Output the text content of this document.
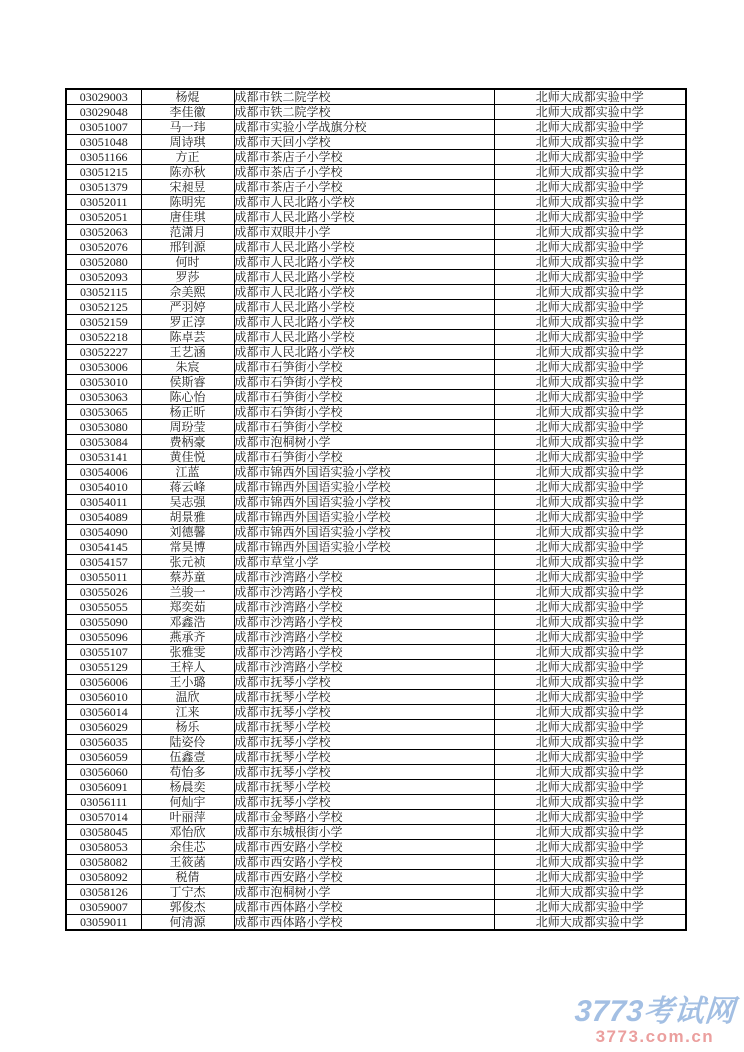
03029003	杨焜	成都市铁二院学校	北师大成都实验中学
03029048	李佳徽	成都市铁二院学校	北师大成都实验中学
03051007	马一玮	成都市实验小学战旗分校	北师大成都实验中学
03051048	周诗琪	成都市天回小学校	北师大成都实验中学
03051166	方正	成都市茶店子小学校	北师大成都实验中学
03051215	陈亦秋	成都市茶店子小学校	北师大成都实验中学
03051379	宋昶昱	成都市茶店子小学校	北师大成都实验中学
03052011	陈明宪	成都市人民北路小学校	北师大成都实验中学
03052051	唐佳琪	成都市人民北路小学校	北师大成都实验中学
03052063	范潇月	成都市双眼井小学	北师大成都实验中学
03052076	邢钊源	成都市人民北路小学校	北师大成都实验中学
03052080	何时	成都市人民北路小学校	北师大成都实验中学
03052093	罗莎	成都市人民北路小学校	北师大成都实验中学
03052115	佘美熙	成都市人民北路小学校	北师大成都实验中学
03052125	严羽婷	成都市人民北路小学校	北师大成都实验中学
03052159	罗正淳	成都市人民北路小学校	北师大成都实验中学
03052218	陈卓芸	成都市人民北路小学校	北师大成都实验中学
03052227	王艺涵	成都市人民北路小学校	北师大成都实验中学
03053006	朱宸	成都市石笋街小学校	北师大成都实验中学
03053010	侯斯睿	成都市石笋街小学校	北师大成都实验中学
03053063	陈心怡	成都市石笋街小学校	北师大成都实验中学
03053065	杨正昕	成都市石笋街小学校	北师大成都实验中学
03053080	周玢莹	成都市石笋街小学校	北师大成都实验中学
03053084	费柄豪	成都市泡桐树小学	北师大成都实验中学
03053141	黄佳悦	成都市石笋街小学校	北师大成都实验中学
03054006	江蓝	成都市锦西外国语实验小学校	北师大成都实验中学
03054010	蒋云峰	成都市锦西外国语实验小学校	北师大成都实验中学
03054011	吴志强	成都市锦西外国语实验小学校	北师大成都实验中学
03054089	胡景雅	成都市锦西外国语实验小学校	北师大成都实验中学
03054090	刘德馨	成都市锦西外国语实验小学校	北师大成都实验中学
03054145	常昊博	成都市锦西外国语实验小学校	北师大成都实验中学
03054157	张元祯	成都市草堂小学	北师大成都实验中学
03055011	蔡苏童	成都市沙湾路小学校	北师大成都实验中学
03055026	兰骏一	成都市沙湾路小学校	北师大成都实验中学
03055055	郑奕茹	成都市沙湾路小学校	北师大成都实验中学
03055090	邓鑫浩	成都市沙湾路小学校	北师大成都实验中学
03055096	燕承齐	成都市沙湾路小学校	北师大成都实验中学
03055107	张雅雯	成都市沙湾路小学校	北师大成都实验中学
03055129	王梓人	成都市沙湾路小学校	北师大成都实验中学
03056006	王小璐	成都市抚琴小学校	北师大成都实验中学
03056010	温欣	成都市抚琴小学校	北师大成都实验中学
03056014	江来	成都市抚琴小学校	北师大成都实验中学
03056029	杨乐	成都市抚琴小学校	北师大成都实验中学
03056035	陆姿伶	成都市抚琴小学校	北师大成都实验中学
03056059	伍鑫壹	成都市抚琴小学校	北师大成都实验中学
03056060	苟怡多	成都市抚琴小学校	北师大成都实验中学
03056091	杨晨奕	成都市抚琴小学校	北师大成都实验中学
03056111	何灿宇	成都市抚琴小学校	北师大成都实验中学
03057014	叶丽萍	成都市金琴路小学校	北师大成都实验中学
03058045	邓怡欣	成都市东城根街小学	北师大成都实验中学
03058053	余佳芯	成都市西安路小学校	北师大成都实验中学
03058082	王筱菡	成都市西安路小学校	北师大成都实验中学
03058092	税倩	成都市西安路小学校	北师大成都实验中学
03058126	丁宁杰	成都市泡桐树小学	北师大成都实验中学
03059007	郭俊杰	成都市西体路小学校	北师大成都实验中学
03059011	何清源	成都市西体路小学校	北师大成都实验中学
3773考试网
3773.com.cn
